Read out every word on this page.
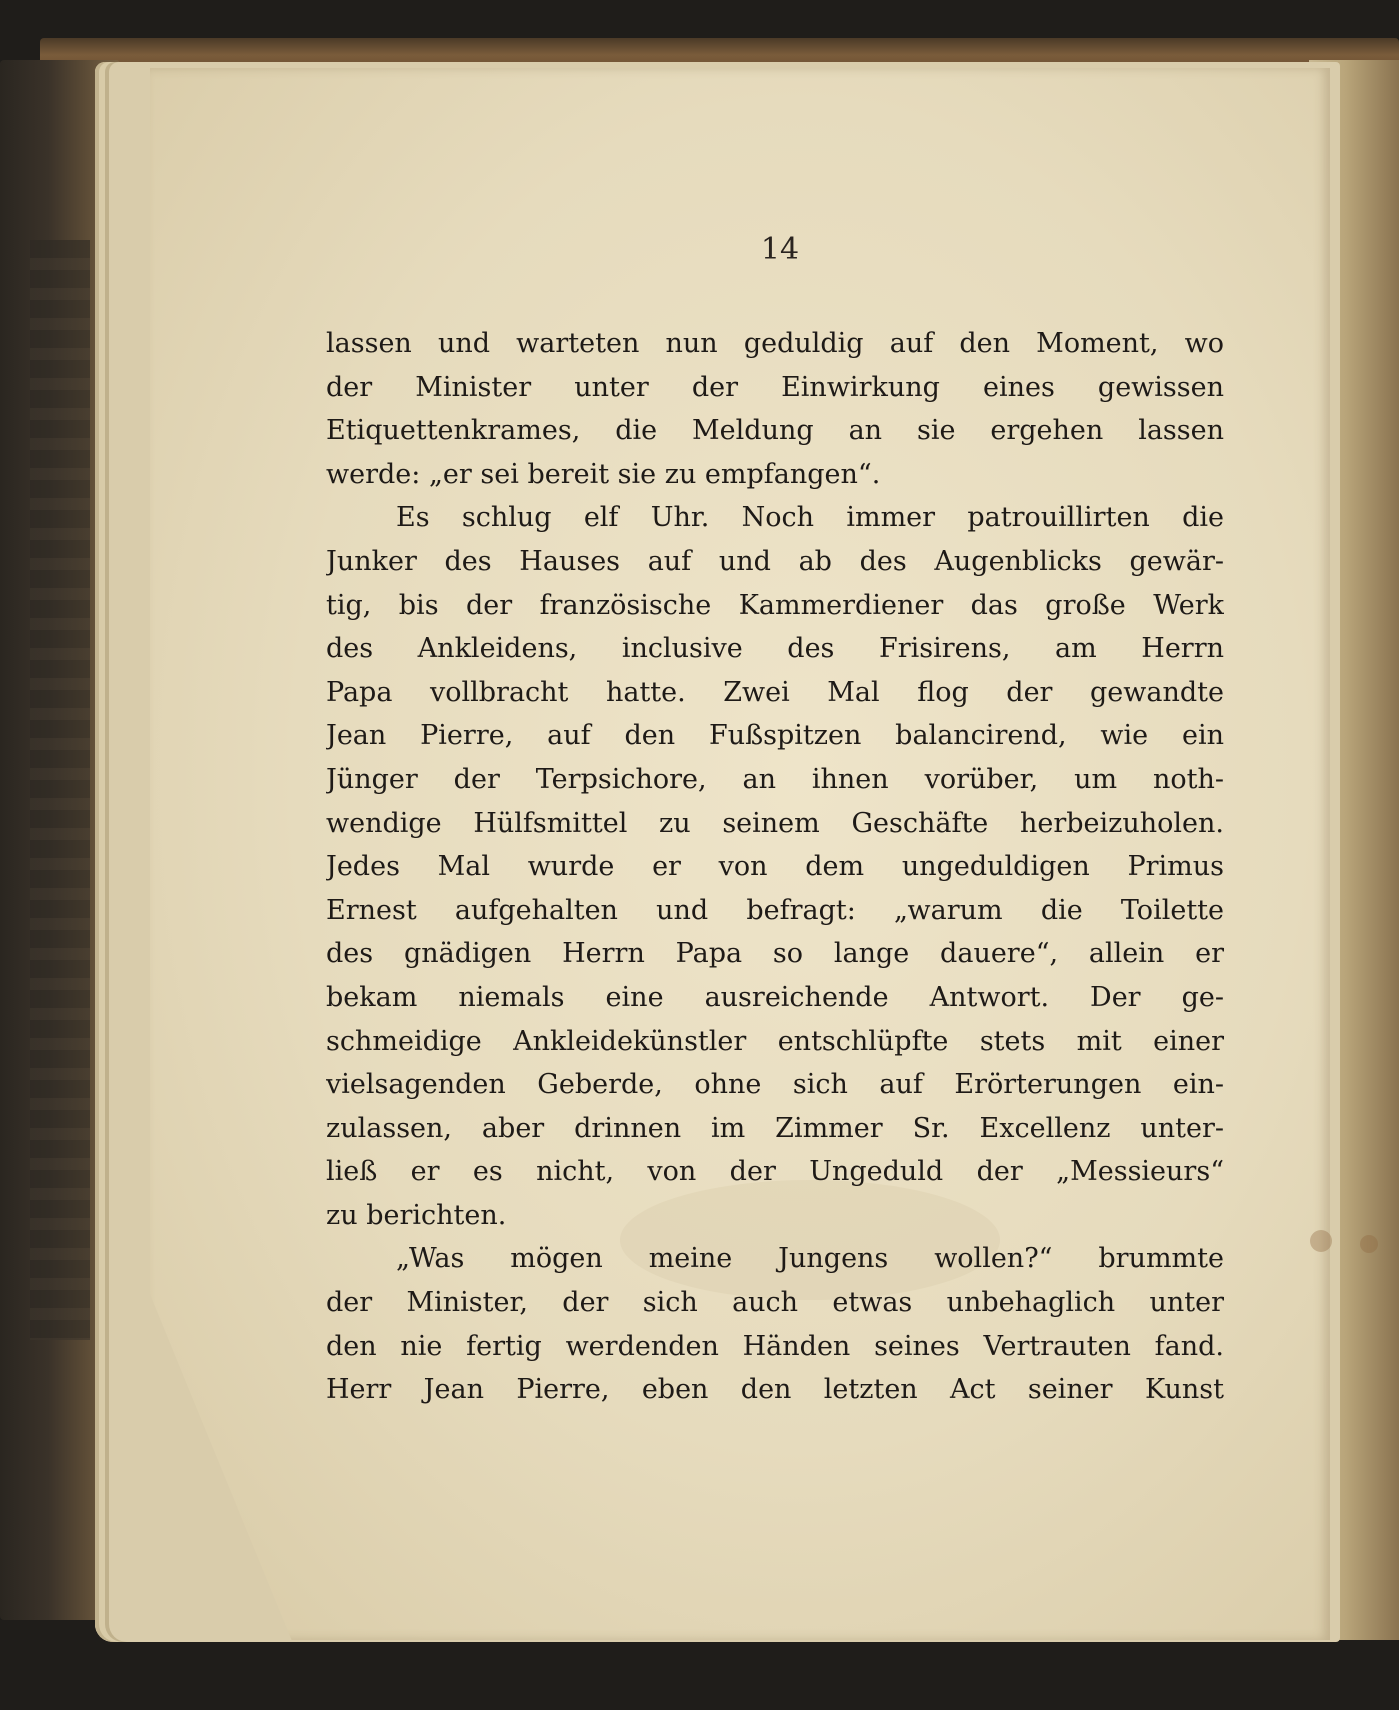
14
lassen und warteten nun geduldig auf den Moment, wo
der Minister unter der Einwirkung eines gewissen
Etiquettenkrames, die Meldung an sie ergehen lassen
werde: „er sei bereit sie zu empfangen“.
Es schlug elf Uhr. Noch immer patrouillirten die
Junker des Hauses auf und ab des Augenblicks gewär-
tig, bis der französische Kammerdiener das große Werk
des Ankleidens, inclusive des Frisirens, am Herrn
Papa vollbracht hatte. Zwei Mal flog der gewandte
Jean Pierre, auf den Fußspitzen balancirend, wie ein
Jünger der Terpsichore, an ihnen vorüber, um noth-
wendige Hülfsmittel zu seinem Geschäfte herbeizuholen.
Jedes Mal wurde er von dem ungeduldigen Primus
Ernest aufgehalten und befragt: „warum die Toilette
des gnädigen Herrn Papa so lange dauere“, allein er
bekam niemals eine ausreichende Antwort. Der ge-
schmeidige Ankleidekünstler entschlüpfte stets mit einer
vielsagenden Geberde, ohne sich auf Erörterungen ein-
zulassen, aber drinnen im Zimmer Sr. Excellenz unter-
ließ er es nicht, von der Ungeduld der „Messieurs“
zu berichten.
„Was mögen meine Jungens wollen?“ brummte
der Minister, der sich auch etwas unbehaglich unter
den nie fertig werdenden Händen seines Vertrauten fand.
Herr Jean Pierre, eben den letzten Act seiner Kunst
